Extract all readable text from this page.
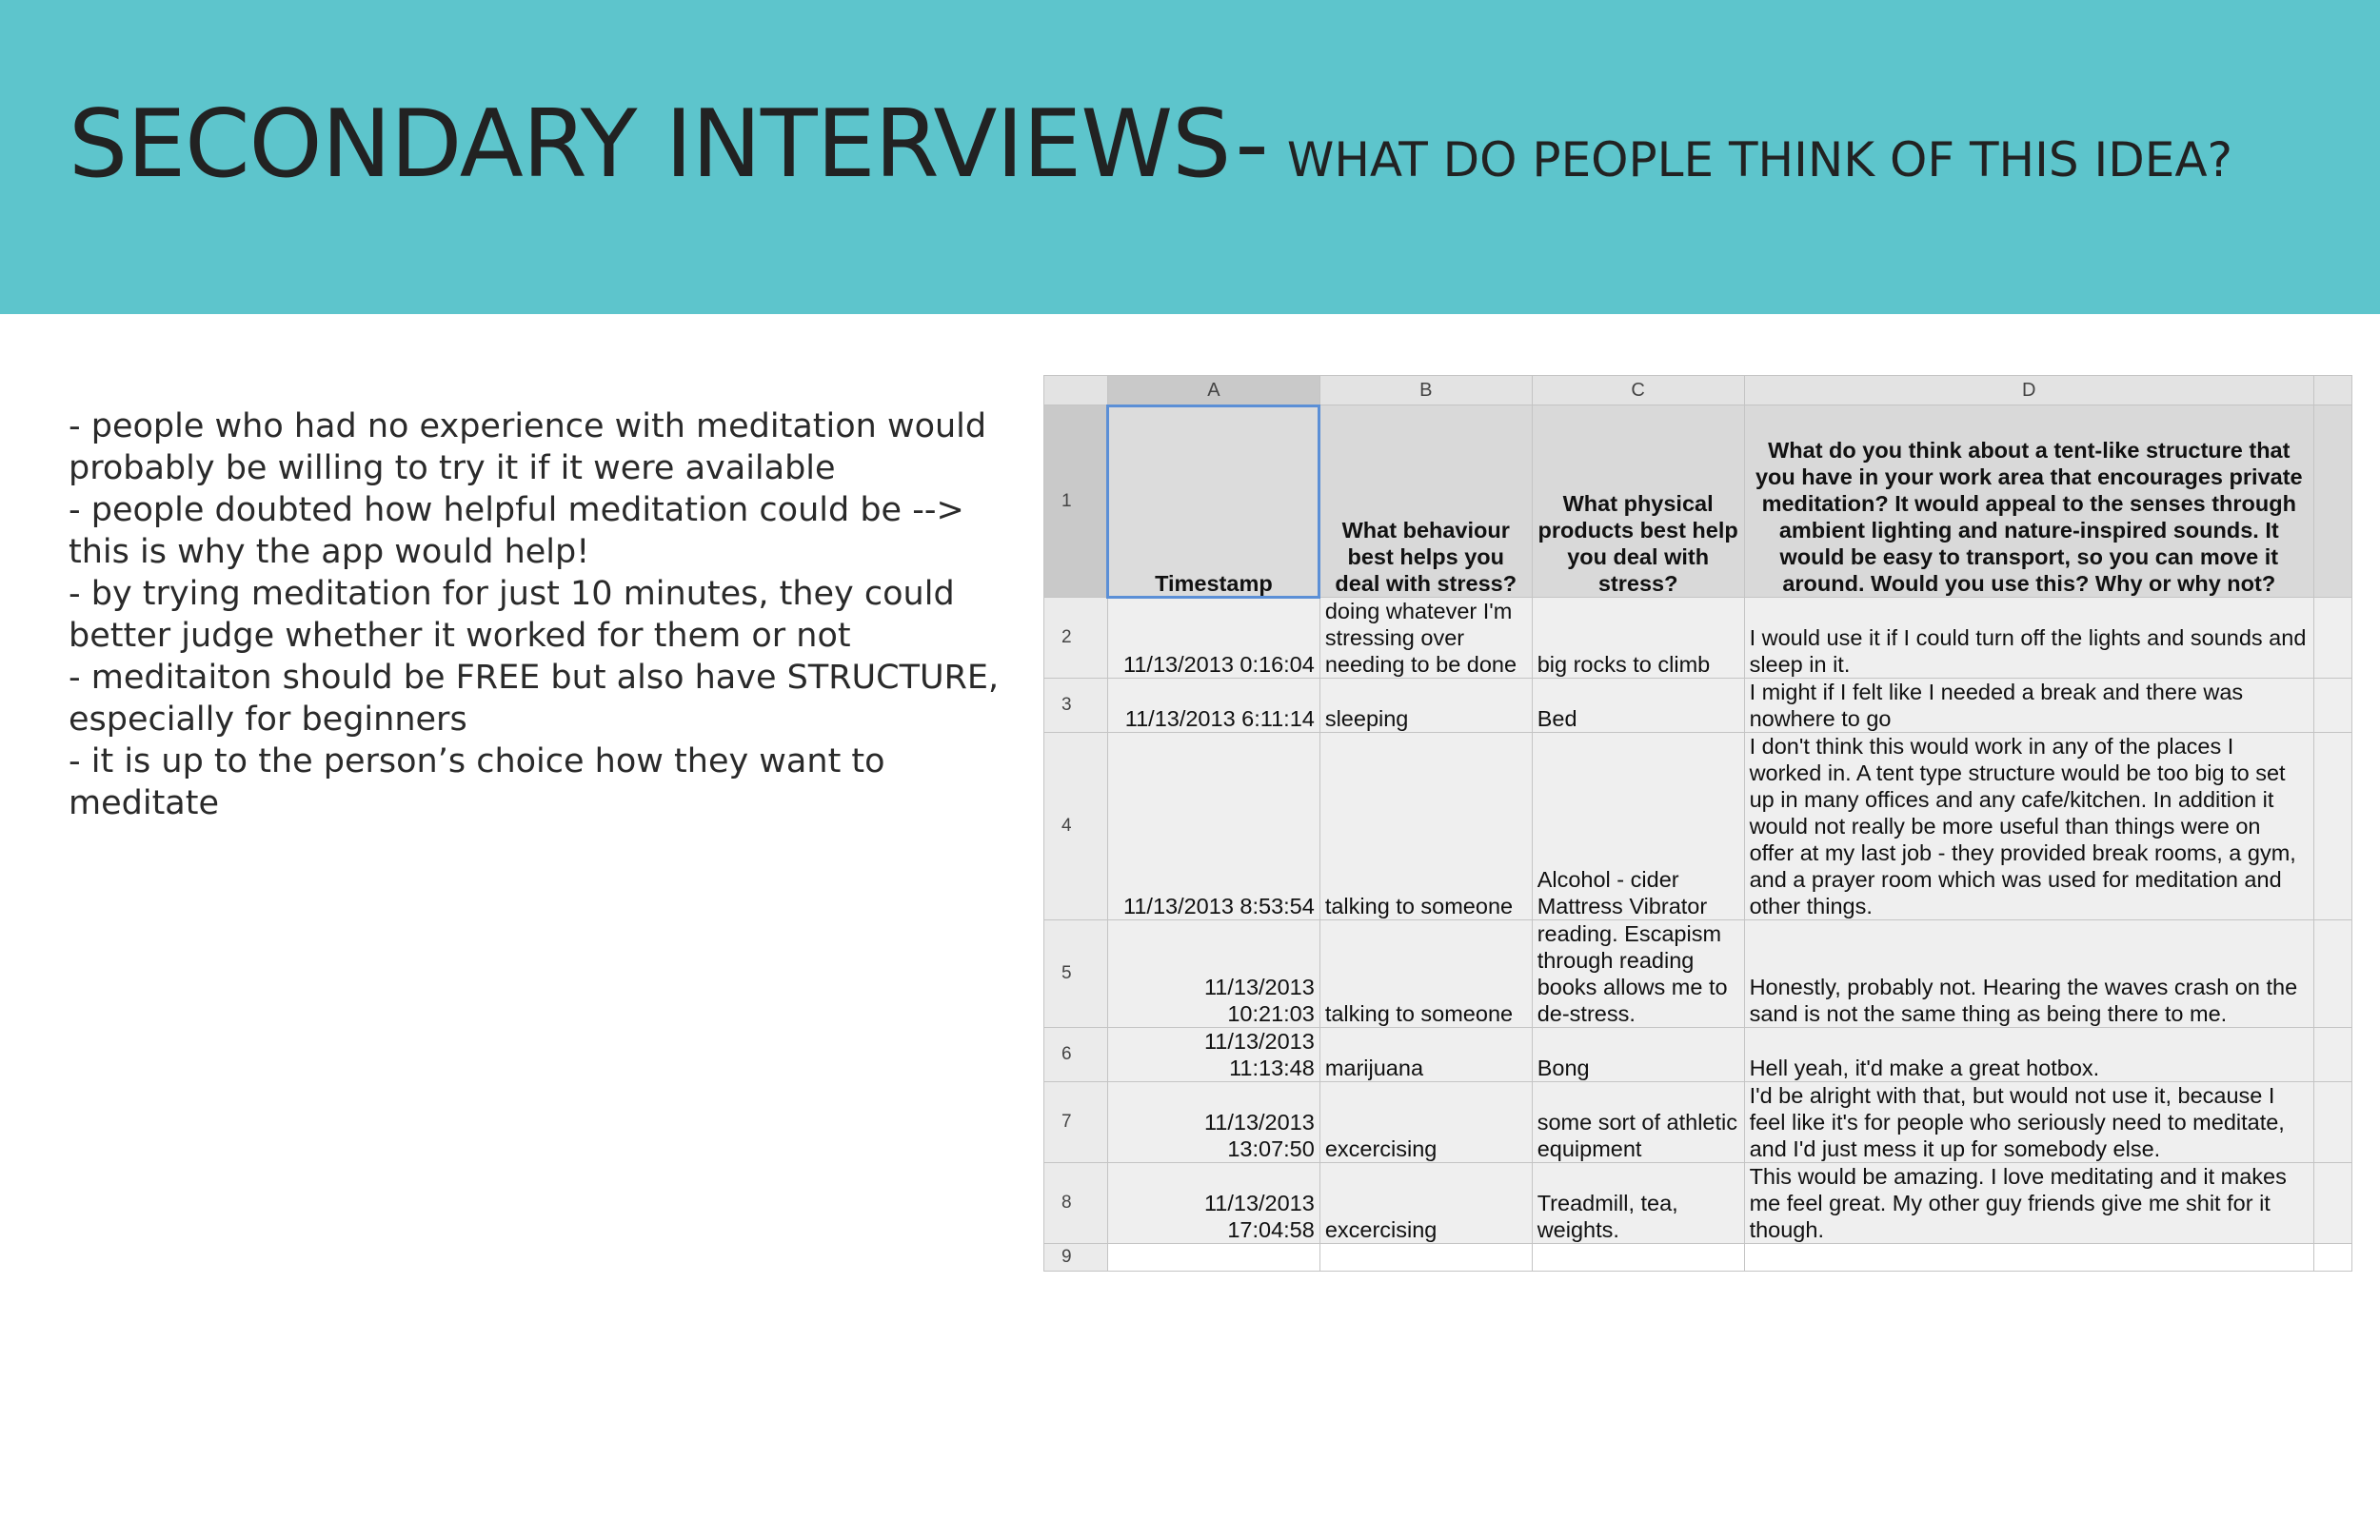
SECONDARY INTERVIEWS - WHAT DO PEOPLE THINK OF THIS IDEA?

- people who had no experience with meditation would probably be willing to try it if it were available

- people doubted how helpful meditation could be --> this is why the app would help!

- by trying meditation for just 10 minutes, they could better judge whether it worked for them or not

- meditaiton should be FREE but also have STRUCTURE, especially for beginners

- it is up to the person’s choice how they want to meditate

	A	B	C	D	
1	Timestamp	What behaviour best helps you deal with stress?	What physical products best help you deal with stress?	What do you think about a tent-like structure that you have in your work area that encourages private meditation? It would appeal to the senses through ambient lighting and nature-inspired sounds. It would be easy to transport, so you can move it around. Would you use this? Why or why not?	
2	11/13/2013 0:16:04	doing whatever I'm stressing over needing to be done	big rocks to climb	I would use it if I could turn off the lights and sounds and sleep in it.	
3	11/13/2013 6:11:14	sleeping	Bed	I might if I felt like I needed a break and there was nowhere to go	
4	11/13/2013 8:53:54	talking to someone	Alcohol - cider Mattress Vibrator	I don't think this would work in any of the places I worked in. A tent type structure would be too big to set up in many offices and any cafe/kitchen. In addition it would not really be more useful than things were on offer at my last job - they provided break rooms, a gym, and a prayer room which was used for meditation and other things.	
5	11/13/2013 10:21:03	talking to someone	reading. Escapism through reading books allows me to de-stress.	Honestly, probably not. Hearing the waves crash on the sand is not the same thing as being there to me.	
6	11/13/2013 11:13:48	marijuana	Bong	Hell yeah, it'd make a great hotbox.	
7	11/13/2013 13:07:50	excercising	some sort of athletic equipment	I'd be alright with that, but would not use it, because I feel like it's for people who seriously need to meditate, and I'd just mess it up for somebody else.	
8	11/13/2013 17:04:58	excercising	Treadmill, tea, weights.	This would be amazing. I love meditating and it makes me feel great. My other guy friends give me shit for it though.	
9					
